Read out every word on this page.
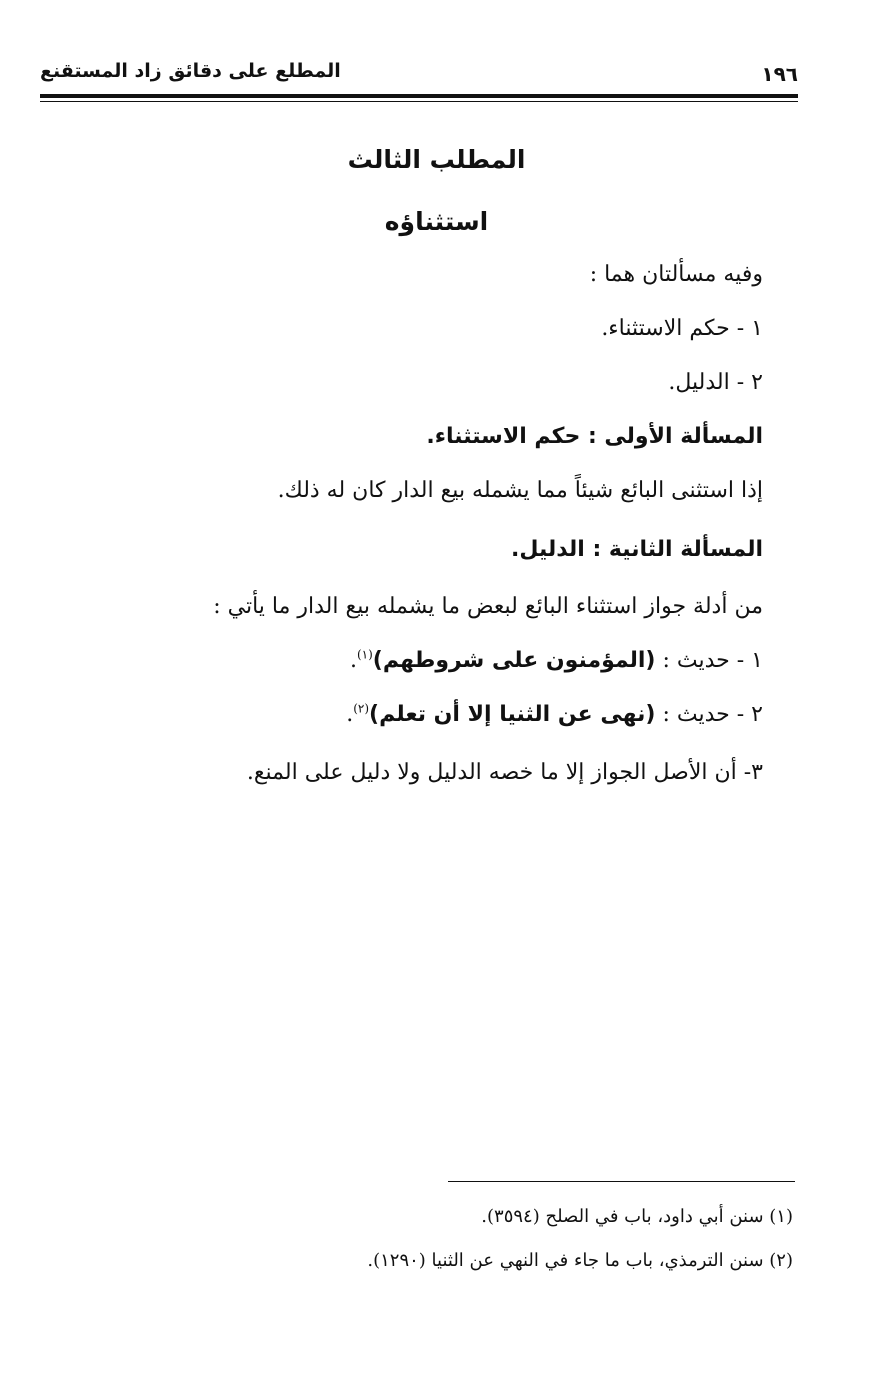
١٩٦
المطلع على دقائق زاد المستقنع
المطلب الثالث
استثناؤه
وفيه مسألتان هما :
١ - حكم الاستثناء.
٢ - الدليل.
المسألة الأولى : حكم الاستثناء.
إذا استثنى البائع شيئاً مما يشمله بيع الدار كان له ذلك.
المسألة الثانية : الدليل.
من أدلة جواز استثناء البائع لبعض ما يشمله بيع الدار ما يأتي :
١ - حديث : (المؤمنون على شروطهم)$^{(١)}$.
٢ - حديث : (نهى عن الثنيا إلا أن تعلم)$^{(٢)}$.
٣- أن الأصل الجواز إلا ما خصه الدليل ولا دليل على المنع.
(١) سنن أبي داود، باب في الصلح (٣٥٩٤).
(٢) سنن الترمذي، باب ما جاء في النهي عن الثنيا (١٢٩٠).
